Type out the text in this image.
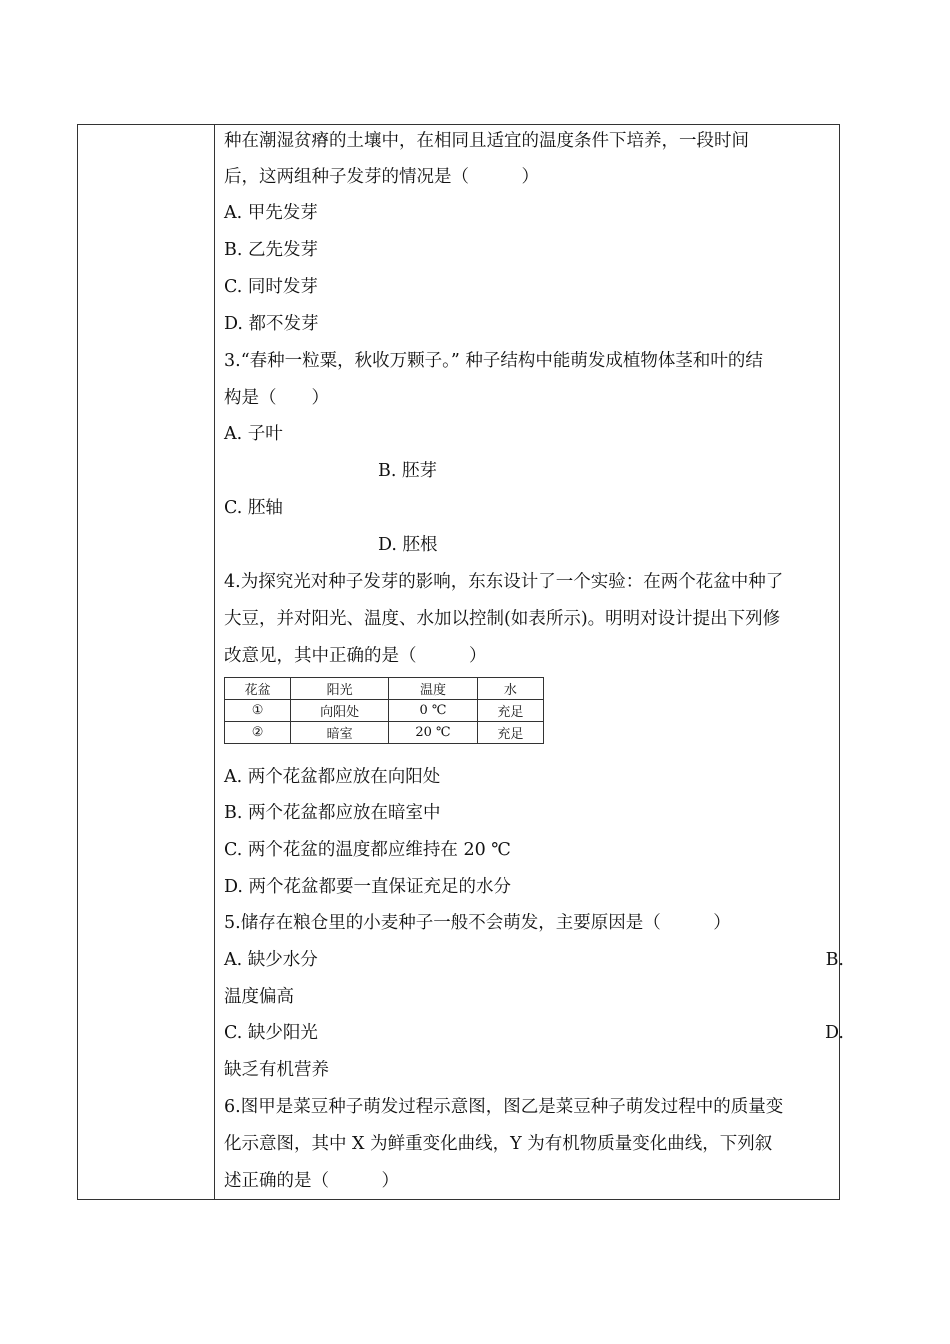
种在潮湿贫瘠的土壤中，在相同且适宜的温度条件下培养，一段时间
后，这两组种子发芽的情况是（　　　）
A. 甲先发芽
B. 乙先发芽
C. 同时发芽
D. 都不发芽
3.“春种一粒粟，秋收万颗子。” 种子结构中能萌发成植物体茎和叶的结
构是（　　）
A. 子叶
B. 胚芽
C. 胚轴
D. 胚根
4.为探究光对种子发芽的影响，东东设计了一个实验：在两个花盆中种了
大豆，并对阳光、温度、水加以控制(如表所示)。明明对设计提出下列修
改意见，其中正确的是（　　　）
A. 两个花盆都应放在向阳处
B. 两个花盆都应放在暗室中
C. 两个花盆的温度都应维持在 20 ℃
D. 两个花盆都要一直保证充足的水分
5.储存在粮仓里的小麦种子一般不会萌发，主要原因是（　　　）
A. 缺少水分	B.
温度偏高
C. 缺少阳光	D.
缺乏有机营养
6.图甲是菜豆种子萌发过程示意图，图乙是菜豆种子萌发过程中的质量变
化示意图，其中 X 为鲜重变化曲线，Y 为有机物质量变化曲线，下列叙
述正确的是（　　　）
花盆	阳光	温度	水
①	向阳处	0 ℃	充足
②	暗室	20 ℃	充足
